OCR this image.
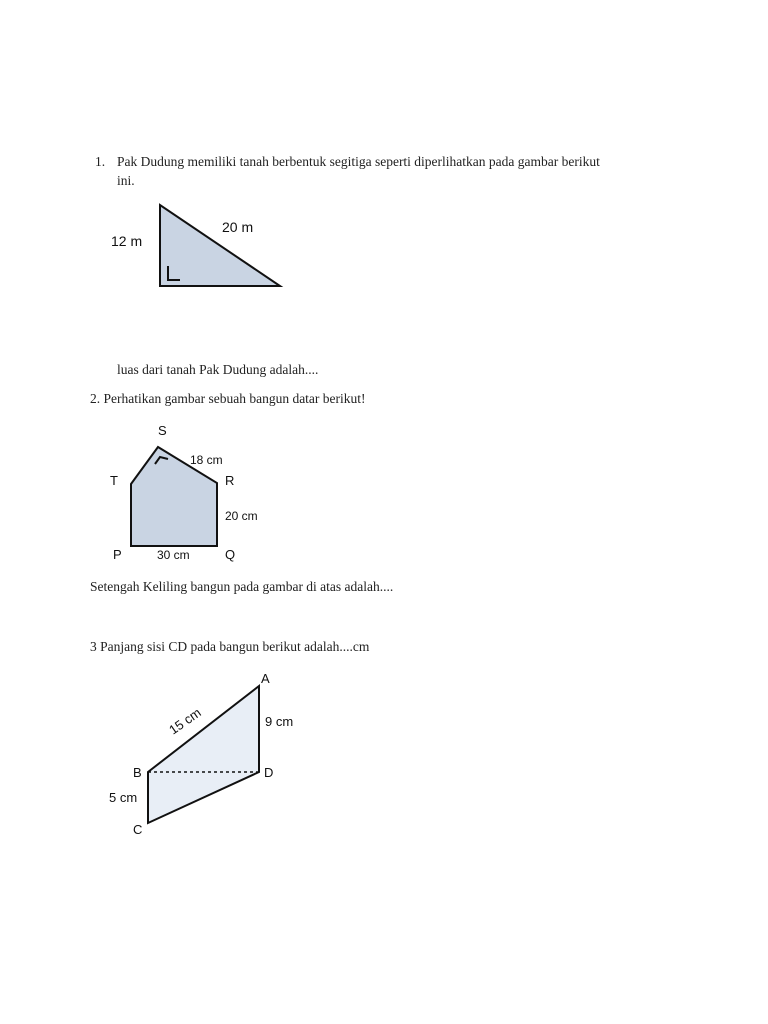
1. Pak Dudung memiliki tanah berbentuk segitiga seperti diperlihatkan pada gambar berikut
ini.
12 m
20 m
luas dari tanah Pak Dudung adalah....
2. Perhatikan gambar sebuah bangun datar berikut!
S
T	R
P	Q
18 cm
20 cm
30 cm
Setengah Keliling bangun pada gambar di atas adalah....
3 Panjang sisi CD pada bangun berikut adalah....cm
A
B
C
D
15 cm	9 cm
5 cm
